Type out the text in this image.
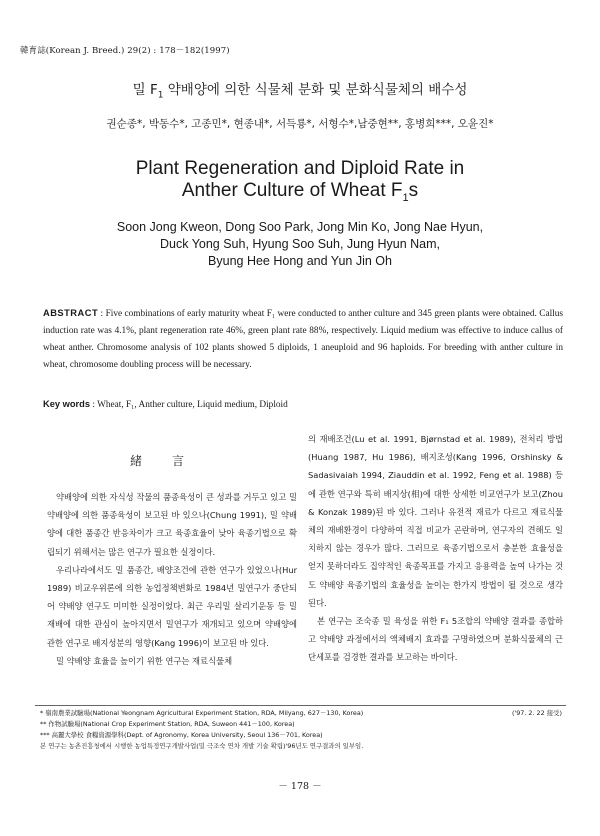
韓育誌(Korean J. Breed.) 29(2) : 178－182(1997)
밀 $F_1$ 약배양에 의한 식물체 분화 및 분화식물체의 배수성
권순종*, 박동수*, 고종민*, 현종내*, 서득룡*, 서형수*,남중현**, 홍병희***, 오윤진*
Plant Regeneration and Diploid Rate in
Anther Culture of Wheat $F_1s$
Soon Jong Kweon, Dong Soo Park, Jong Min Ko, Jong Nae Hyun,
Duck Yong Suh, Hyung Soo Suh, Jung Hyun Nam,
Byung Hee Hong and Yun Jin Oh
ABSTRACT : Five combinations of early maturity wheat F₁ were conducted to anther culture and 345 green plants were obtained. Callus induction rate was 4.1%, plant regeneration rate 46%, green plant rate 88%, respectively. Liquid medium was effective to induce callus of wheat anther. Chromosome analysis of 102 plants showed 5 diploids, 1 aneuploid and 96 haploids. For breeding with anther culture in wheat, chromosome doubling process will be necessary.
Key words : Wheat, F₁, Anther culture, Liquid medium, Diploid
緒言

약배양에 의한 자식성 작물의 품종육성이 큰 성과를 거두고 있고 밀 약배양에 의한 품종육성이 보고된 바 있으나(Chung 1991), 밀 약배양에 대한 품종간 반응차이가 크고 육종효율이 낮아 육종기법으로 확립되기 위해서는 많은 연구가 필요한 실정이다.

우리나라에서도 밀 품종간, 배양조건에 관한 연구가 있었으나(Hur 1989) 비교우위론에 의한 농업정책변화로 1984년 밀연구가 중단되어 약배양 연구도 미미한 실정이었다. 최근 우리밀 살리기운동 등 밀재배에 대한 관심이 높아지면서 밀연구가 재개되고 있으며 약배양에 관한 연구로 배지성분의 영향(Kang 1996)이 보고된 바 있다.

밀 약배양 효율을 높이기 위한 연구는 재료식물체

의 재배조건(Lu et al. 1991, Bjørnstad et al. 1989), 전처리 방법(Huang 1987, Hu 1986), 배지조성(Kang 1996, Orshinsky & Sadasivaiah 1994, Ziauddin et al. 1992, Feng et al. 1988) 등에 관한 연구와 특히 배지상(相)에 대한 상세한 비교연구가 보고(Zhou & Konzak 1989)된 바 있다. 그러나 유전적 재료가 다르고 재료식물체의 재배환경이 다양하여 직접 비교가 곤란하며, 연구자의 견해도 일치하지 않는 경우가 많다. 그러므로 육종기법으로서 충분한 효율성을 얻지 못하더라도 집약적인 육종목표를 가지고 응용력을 높여 나가는 것도 약배양 육종기법의 효율성을 높이는 한가지 방법이 될 것으로 생각된다.

본 연구는 조숙종 밀 육성을 위한 F₁ 5조합의 약배양 결과를 종합하고 약배양 과정에서의 액체배지 효과를 구명하였으며 분화식물체의 근단세포를 검경한 결과를 보고하는 바이다.

* 嶺南農業試驗場(National Yeongnam Agricultural Experiment Station, RDA, Milyang, 627－130, Korea)
** 作物試驗場(National Crop Experiment Station, RDA, Suweon 441－100, Korea)
*** 高麗大學校 食糧資源學科(Dept. of Agronomy, Korea University, Seoul 136－701, Korea)
본 연구는 농촌진흥청에서 시행한 농업특정연구개발사업(밀 극조숙 연차 개발 기술 확립)'96년도 연구결과의 일부임.
('97. 2. 22 接受)
－ 178 －
